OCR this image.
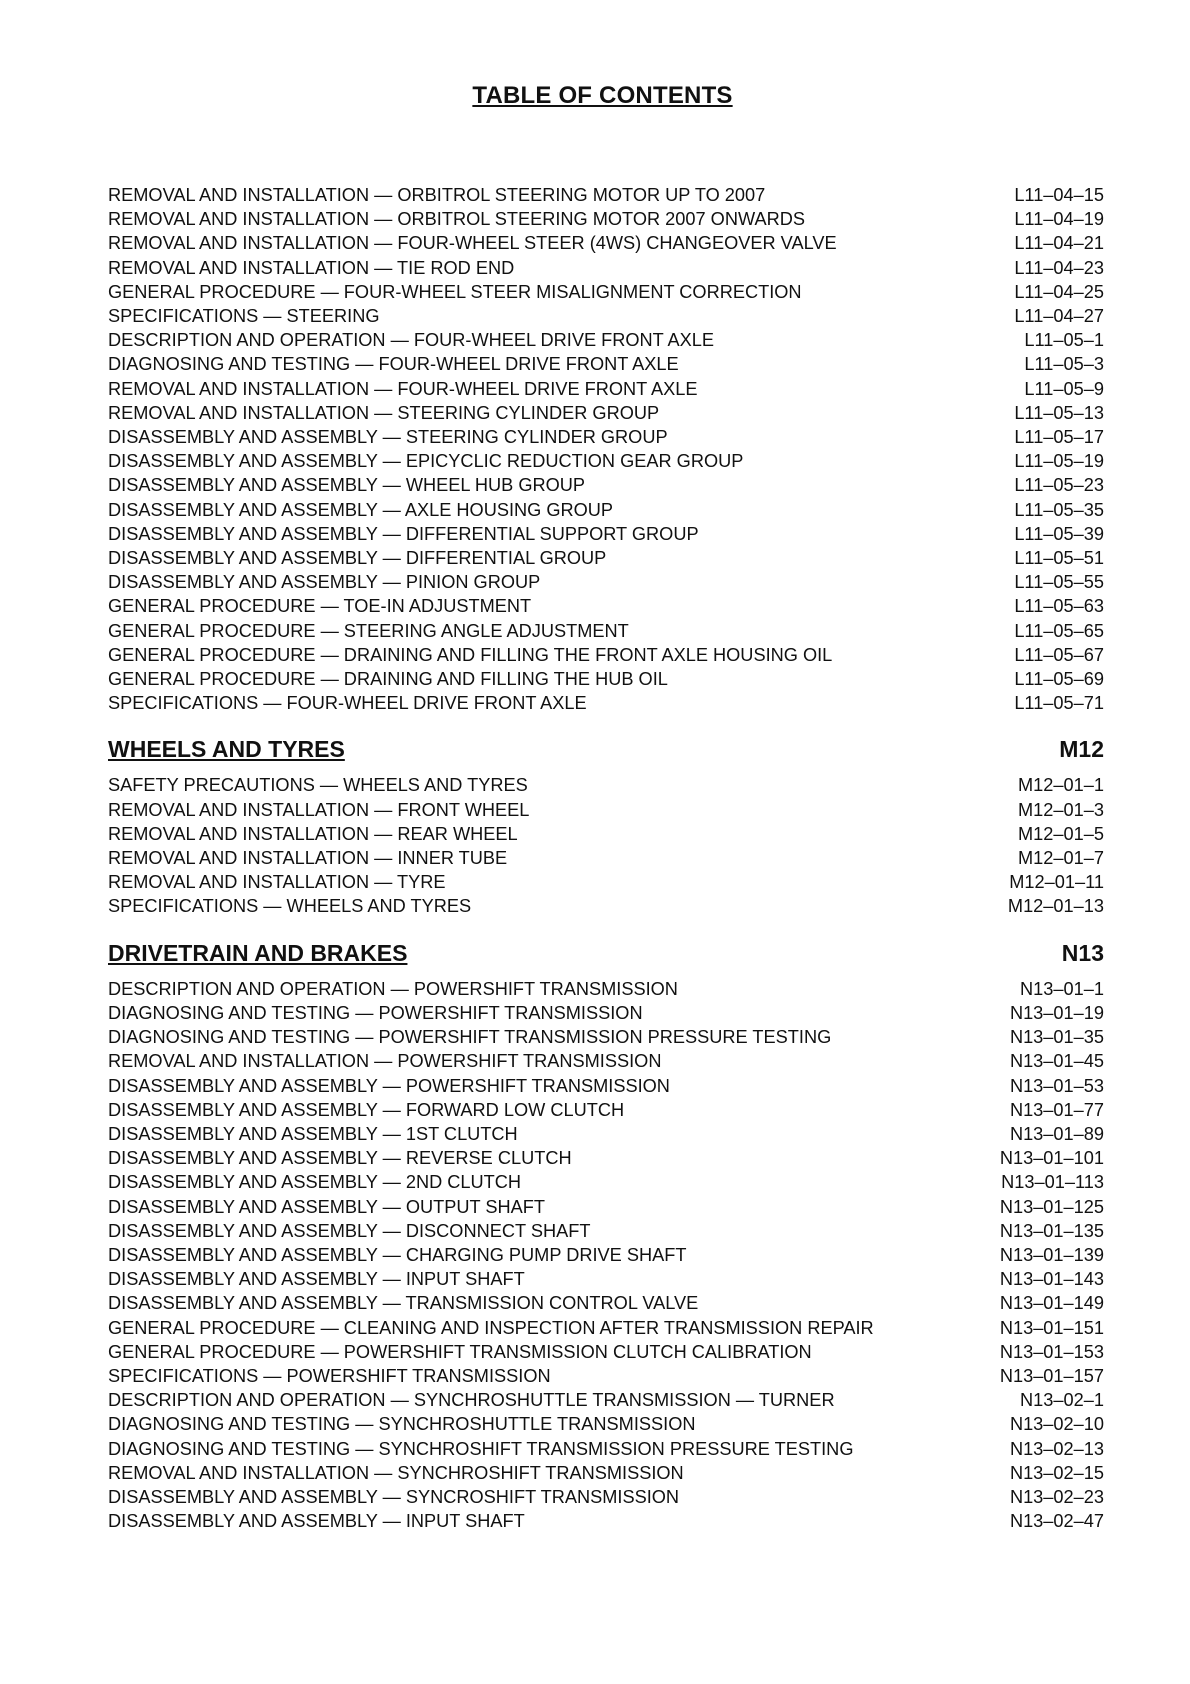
TABLE OF CONTENTS
REMOVAL AND INSTALLATION — ORBITROL STEERING MOTOR UP TO 2007	L11–04–15
REMOVAL AND INSTALLATION — ORBITROL STEERING MOTOR 2007 ONWARDS	L11–04–19
REMOVAL AND INSTALLATION — FOUR-WHEEL STEER (4WS) CHANGEOVER VALVE	L11–04–21
REMOVAL AND INSTALLATION — TIE ROD END	L11–04–23
GENERAL PROCEDURE — FOUR-WHEEL STEER MISALIGNMENT CORRECTION	L11–04–25
SPECIFICATIONS — STEERING	L11–04–27
DESCRIPTION AND OPERATION — FOUR-WHEEL DRIVE FRONT AXLE	L11–05–1
DIAGNOSING AND TESTING — FOUR-WHEEL DRIVE FRONT AXLE	L11–05–3
REMOVAL AND INSTALLATION — FOUR-WHEEL DRIVE FRONT AXLE	L11–05–9
REMOVAL AND INSTALLATION — STEERING CYLINDER GROUP	L11–05–13
DISASSEMBLY AND ASSEMBLY — STEERING CYLINDER GROUP	L11–05–17
DISASSEMBLY AND ASSEMBLY — EPICYCLIC REDUCTION GEAR GROUP	L11–05–19
DISASSEMBLY AND ASSEMBLY — WHEEL HUB GROUP	L11–05–23
DISASSEMBLY AND ASSEMBLY — AXLE HOUSING GROUP	L11–05–35
DISASSEMBLY AND ASSEMBLY — DIFFERENTIAL SUPPORT GROUP	L11–05–39
DISASSEMBLY AND ASSEMBLY — DIFFERENTIAL GROUP	L11–05–51
DISASSEMBLY AND ASSEMBLY — PINION GROUP	L11–05–55
GENERAL PROCEDURE — TOE-IN ADJUSTMENT	L11–05–63
GENERAL PROCEDURE — STEERING ANGLE ADJUSTMENT	L11–05–65
GENERAL PROCEDURE — DRAINING AND FILLING THE FRONT AXLE HOUSING OIL	L11–05–67
GENERAL PROCEDURE — DRAINING AND FILLING THE HUB OIL	L11–05–69
SPECIFICATIONS — FOUR-WHEEL DRIVE FRONT AXLE	L11–05–71
WHEELS AND TYRES	M12
SAFETY PRECAUTIONS — WHEELS AND TYRES	M12–01–1
REMOVAL AND INSTALLATION — FRONT WHEEL	M12–01–3
REMOVAL AND INSTALLATION — REAR WHEEL	M12–01–5
REMOVAL AND INSTALLATION — INNER TUBE	M12–01–7
REMOVAL AND INSTALLATION — TYRE	M12–01–11
SPECIFICATIONS — WHEELS AND TYRES	M12–01–13
DRIVETRAIN AND BRAKES	N13
DESCRIPTION AND OPERATION — POWERSHIFT TRANSMISSION	N13–01–1
DIAGNOSING AND TESTING — POWERSHIFT TRANSMISSION	N13–01–19
DIAGNOSING AND TESTING — POWERSHIFT TRANSMISSION PRESSURE TESTING	N13–01–35
REMOVAL AND INSTALLATION — POWERSHIFT TRANSMISSION	N13–01–45
DISASSEMBLY AND ASSEMBLY — POWERSHIFT TRANSMISSION	N13–01–53
DISASSEMBLY AND ASSEMBLY — FORWARD LOW CLUTCH	N13–01–77
DISASSEMBLY AND ASSEMBLY — 1ST CLUTCH	N13–01–89
DISASSEMBLY AND ASSEMBLY — REVERSE CLUTCH	N13–01–101
DISASSEMBLY AND ASSEMBLY — 2ND CLUTCH	N13–01–113
DISASSEMBLY AND ASSEMBLY — OUTPUT SHAFT	N13–01–125
DISASSEMBLY AND ASSEMBLY — DISCONNECT SHAFT	N13–01–135
DISASSEMBLY AND ASSEMBLY — CHARGING PUMP DRIVE SHAFT	N13–01–139
DISASSEMBLY AND ASSEMBLY — INPUT SHAFT	N13–01–143
DISASSEMBLY AND ASSEMBLY — TRANSMISSION CONTROL VALVE	N13–01–149
GENERAL PROCEDURE — CLEANING AND INSPECTION AFTER TRANSMISSION REPAIR	N13–01–151
GENERAL PROCEDURE — POWERSHIFT TRANSMISSION CLUTCH CALIBRATION	N13–01–153
SPECIFICATIONS — POWERSHIFT TRANSMISSION	N13–01–157
DESCRIPTION AND OPERATION — SYNCHROSHUTTLE TRANSMISSION — TURNER	N13–02–1
DIAGNOSING AND TESTING — SYNCHROSHUTTLE TRANSMISSION	N13–02–10
DIAGNOSING AND TESTING — SYNCHROSHIFT TRANSMISSION PRESSURE TESTING	N13–02–13
REMOVAL AND INSTALLATION — SYNCHROSHIFT TRANSMISSION	N13–02–15
DISASSEMBLY AND ASSEMBLY — SYNCROSHIFT TRANSMISSION	N13–02–23
DISASSEMBLY AND ASSEMBLY — INPUT SHAFT	N13–02–47
